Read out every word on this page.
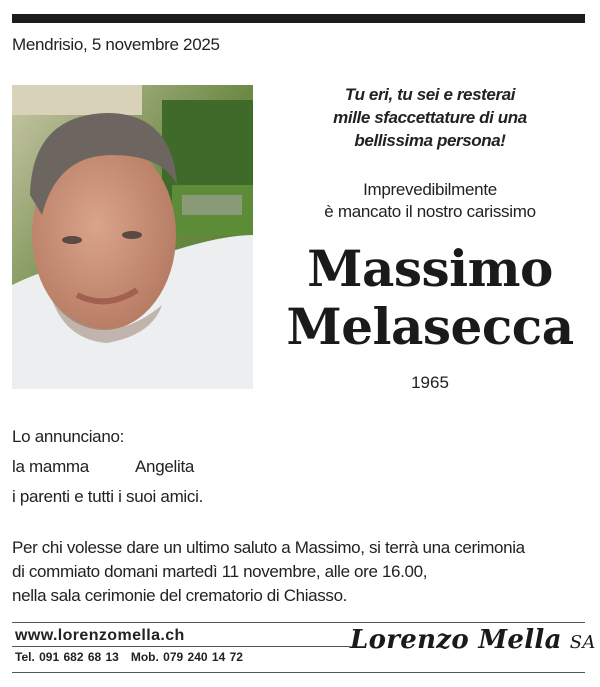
Mendrisio, 5 novembre 2025
Tu eri, tu sei e resterai
mille sfaccettature di una
bellissima persona!
Imprevedibilmente
è mancato il nostro carissimo
Massimo
Melasecca
1965
Lo annunciano:
la mamma	Angelita
i parenti e tutti i suoi amici.
Per chi volesse dare un ultimo saluto a Massimo, si terrà una cerimonia
di commiato domani martedì 11 novembre, alle ore 16.00,
nella sala cerimonie del crematorio di Chiasso.
www.lorenzomella.ch
Tel. 091 682 68 13 Mob. 079 240 14 72
Lorenzo Mella SA
